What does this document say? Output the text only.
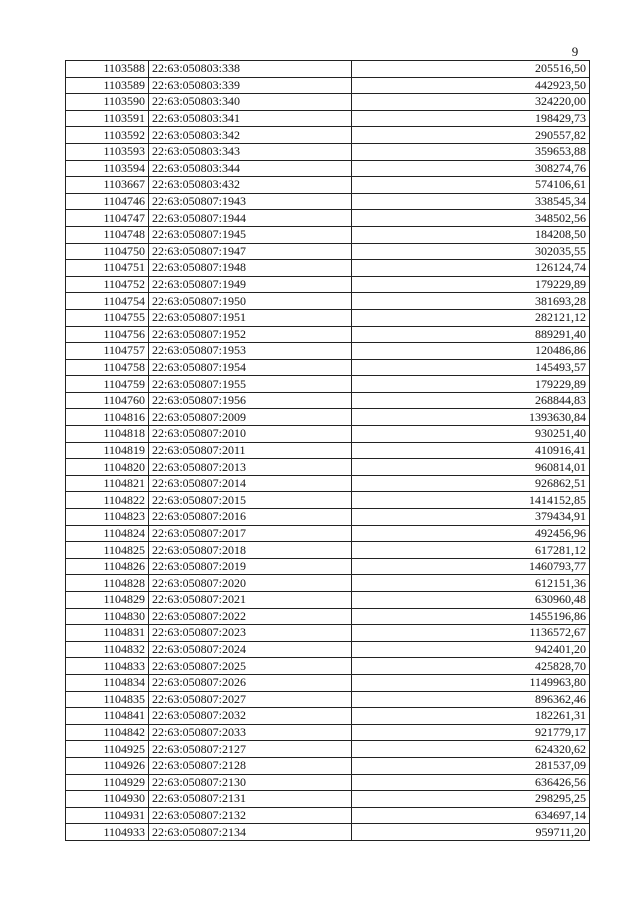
9
1103588	22:63:050803:338	205516,50
1103589	22:63:050803:339	442923,50
1103590	22:63:050803:340	324220,00
1103591	22:63:050803:341	198429,73
1103592	22:63:050803:342	290557,82
1103593	22:63:050803:343	359653,88
1103594	22:63:050803:344	308274,76
1103667	22:63:050803:432	574106,61
1104746	22:63:050807:1943	338545,34
1104747	22:63:050807:1944	348502,56
1104748	22:63:050807:1945	184208,50
1104750	22:63:050807:1947	302035,55
1104751	22:63:050807:1948	126124,74
1104752	22:63:050807:1949	179229,89
1104754	22:63:050807:1950	381693,28
1104755	22:63:050807:1951	282121,12
1104756	22:63:050807:1952	889291,40
1104757	22:63:050807:1953	120486,86
1104758	22:63:050807:1954	145493,57
1104759	22:63:050807:1955	179229,89
1104760	22:63:050807:1956	268844,83
1104816	22:63:050807:2009	1393630,84
1104818	22:63:050807:2010	930251,40
1104819	22:63:050807:2011	410916,41
1104820	22:63:050807:2013	960814,01
1104821	22:63:050807:2014	926862,51
1104822	22:63:050807:2015	1414152,85
1104823	22:63:050807:2016	379434,91
1104824	22:63:050807:2017	492456,96
1104825	22:63:050807:2018	617281,12
1104826	22:63:050807:2019	1460793,77
1104828	22:63:050807:2020	612151,36
1104829	22:63:050807:2021	630960,48
1104830	22:63:050807:2022	1455196,86
1104831	22:63:050807:2023	1136572,67
1104832	22:63:050807:2024	942401,20
1104833	22:63:050807:2025	425828,70
1104834	22:63:050807:2026	1149963,80
1104835	22:63:050807:2027	896362,46
1104841	22:63:050807:2032	182261,31
1104842	22:63:050807:2033	921779,17
1104925	22:63:050807:2127	624320,62
1104926	22:63:050807:2128	281537,09
1104929	22:63:050807:2130	636426,56
1104930	22:63:050807:2131	298295,25
1104931	22:63:050807:2132	634697,14
1104933	22:63:050807:2134	959711,20
